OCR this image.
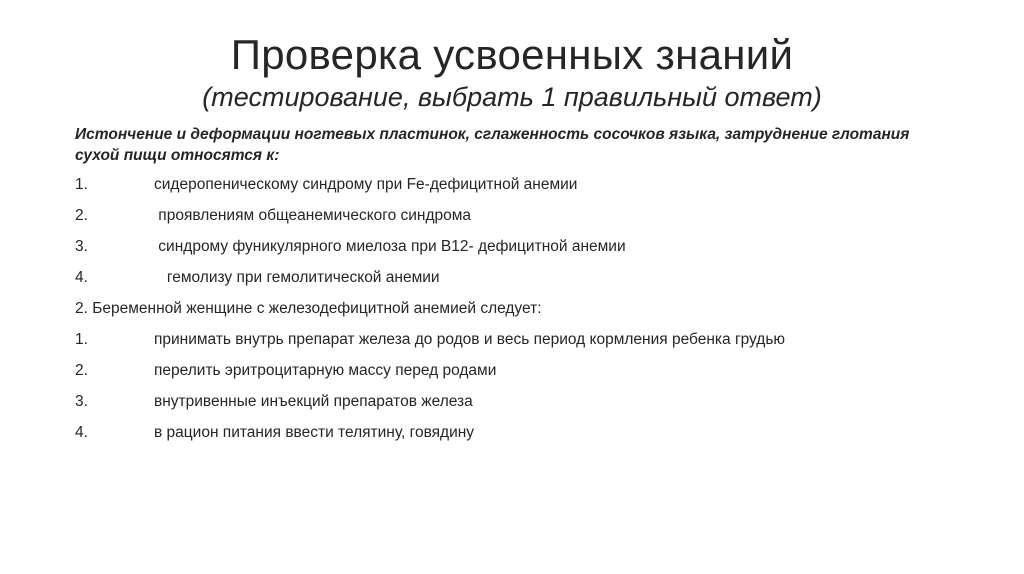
Проверка усвоенных знаний
(тестирование, выбрать 1 правильный ответ)
Истончение и деформации ногтевых пластинок, сглаженность сосочков языка, затруднение глотания сухой пищи относятся к:
1.	сидеропеническому синдрому при Fe-дефицитной анемии
2.	проявлениям общеанемического синдрома
3.	синдрому фуникулярного миелоза при В12- дефицитной анемии
4.	гемолизу при гемолитической анемии
2. Беременной женщине с железодефицитной анемией следует:
1.	принимать внутрь препарат железа до родов и весь период кормления ребенка грудью
2.	перелить эритроцитарную массу перед родами
3.	внутривенные инъекций препаратов железа
4.	в рацион питания ввести телятину, говядину
